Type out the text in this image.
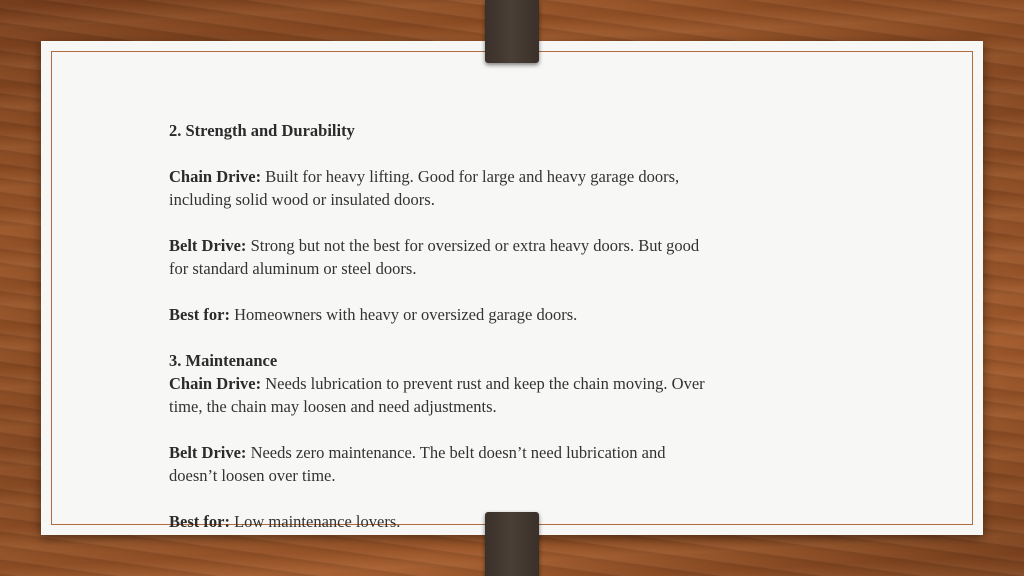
2. Strength and Durability

Chain Drive: Built for heavy lifting. Good for large and heavy garage doors,
including solid wood or insulated doors.

Belt Drive: Strong but not the best for oversized or extra heavy doors. But good
for standard aluminum or steel doors.

Best for: Homeowners with heavy or oversized garage doors.

3. Maintenance

Chain Drive: Needs lubrication to prevent rust and keep the chain moving. Over
time, the chain may loosen and need adjustments.

Belt Drive: Needs zero maintenance. The belt doesn’t need lubrication and
doesn’t loosen over time.

Best for: Low maintenance lovers.
